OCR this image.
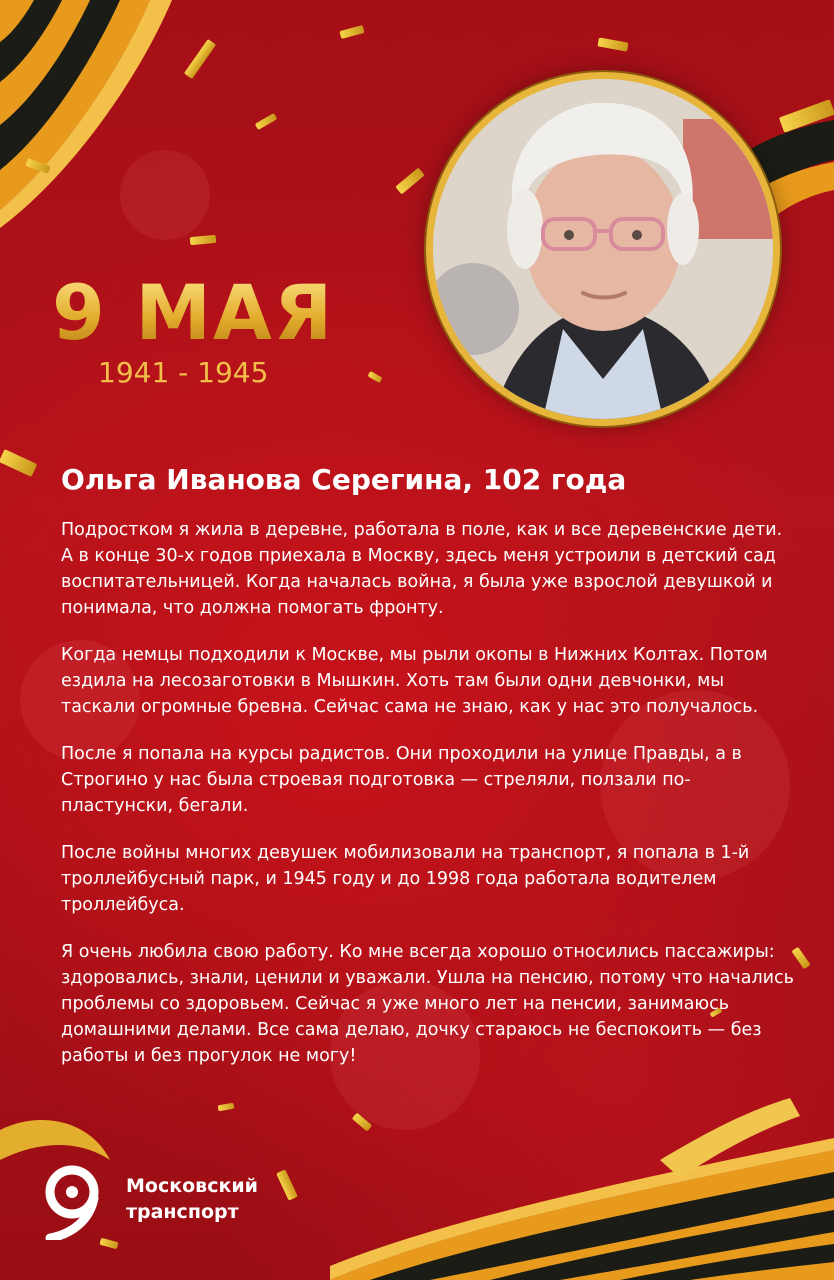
9 МАЯ
1941 - 1945
Ольга Иванова Серегина, 102 года

Подростком я жила в деревне, работала в поле, как и все деревенские дети. А в конце 30-х годов приехала в Москву, здесь меня устроили в детский сад воспитательницей. Когда началась война, я была уже взрослой девушкой и понимала, что должна помогать фронту.

Когда немцы подходили к Москве, мы рыли окопы в Нижних Колтах. Потом ездила на лесозаготовки в Мышкин. Хоть там были одни девчонки, мы таскали огромные бревна. Сейчас сама не знаю, как у нас это получалось.

После я попала на курсы радистов. Они проходили на улице Правды, а в Строгино у нас была строевая подготовка — стреляли, ползали по-пластунски, бегали.

После войны многих девушек мобилизовали на транспорт, я попала в 1-й троллейбусный парк, и 1945 году и до 1998 года работала водителем троллейбуса.

Я очень любила свою работу. Ко мне всегда хорошо относились пассажиры: здоровались, знали, ценили и уважали. Ушла на пенсию, потому что начались проблемы со здоровьем. Сейчас я уже много лет на пенсии, занимаюсь домашними делами. Все сама делаю, дочку стараюсь не беспокоить — без работы и без прогулок не могу!

Московский
транспорт
